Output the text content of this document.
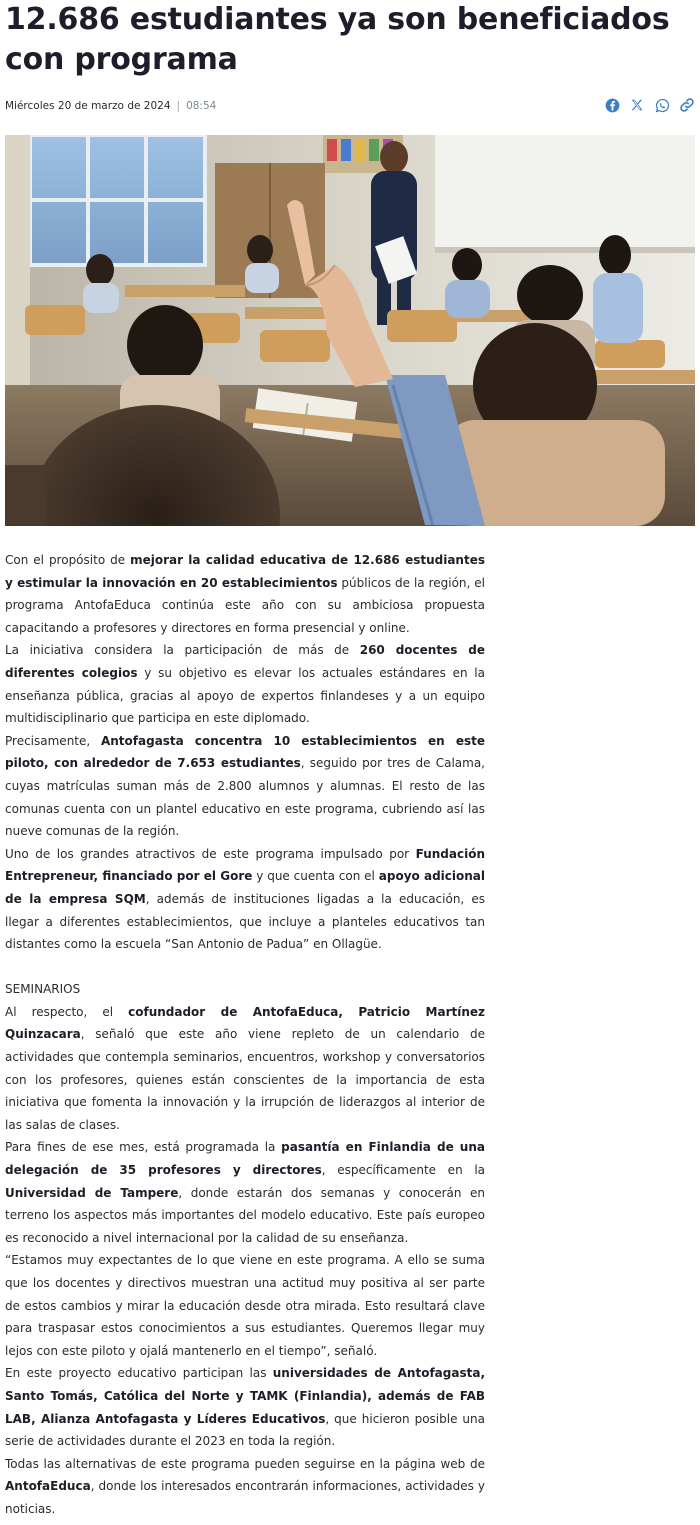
12.686 estudiantes ya son beneficiados con programa
Miércoles 20 de marzo de 2024 | 08:54

Con el propósito de mejorar la calidad educativa de 12.686 estudiantes y estimular la innovación en 20 establecimientos públicos de la región, el programa AntofaEduca continúa este año con su ambiciosa propuesta capacitando a profesores y directores en forma presencial y online.

La iniciativa considera la participación de más de 260 docentes de diferentes colegios y su objetivo es elevar los actuales estándares en la enseñanza pública, gracias al apoyo de expertos finlandeses y a un equipo multidisciplinario que participa en este diplomado.

Precisamente, Antofagasta concentra 10 establecimientos en este piloto, con alrededor de 7.653 estudiantes, seguido por tres de Calama, cuyas matrículas suman más de 2.800 alumnos y alumnas. El resto de las comunas cuenta con un plantel educativo en este programa, cubriendo así las nueve comunas de la región.

Uno de los grandes atractivos de este programa impulsado por Fundación Entrepreneur, financiado por el Gore y que cuenta con el apoyo adicional de la empresa SQM, además de instituciones ligadas a la educación, es llegar a diferentes establecimientos, que incluye a planteles educativos tan distantes como la escuela “San Antonio de Padua” en Ollagüe.

SEMINARIOS

Al respecto, el cofundador de AntofaEduca, Patricio Martínez Quinzacara, señaló que este año viene repleto de un calendario de actividades que contempla seminarios, encuentros, workshop y conversatorios con los profesores, quienes están conscientes de la importancia de esta iniciativa que fomenta la innovación y la irrupción de liderazgos al interior de las salas de clases.

Para fines de ese mes, está programada la pasantía en Finlandia de una delegación de 35 profesores y directores, específicamente en la Universidad de Tampere, donde estarán dos semanas y conocerán en terreno los aspectos más importantes del modelo educativo. Este país europeo es reconocido a nivel internacional por la calidad de su enseñanza.

“Estamos muy expectantes de lo que viene en este programa. A ello se suma que los docentes y directivos muestran una actitud muy positiva al ser parte de estos cambios y mirar la educación desde otra mirada. Esto resultará clave para traspasar estos conocimientos a sus estudiantes. Queremos llegar muy lejos con este piloto y ojalá mantenerlo en el tiempo”, señaló.

En este proyecto educativo participan las universidades de Antofagasta, Santo Tomás, Católica del Norte y TAMK (Finlandia), además de FAB LAB, Alianza Antofagasta y Líderes Educativos, que hicieron posible una serie de actividades durante el 2023 en toda la región.

Todas las alternativas de este programa pueden seguirse en la página web de AntofaEduca, donde los interesados encontrarán informaciones, actividades y noticias.
